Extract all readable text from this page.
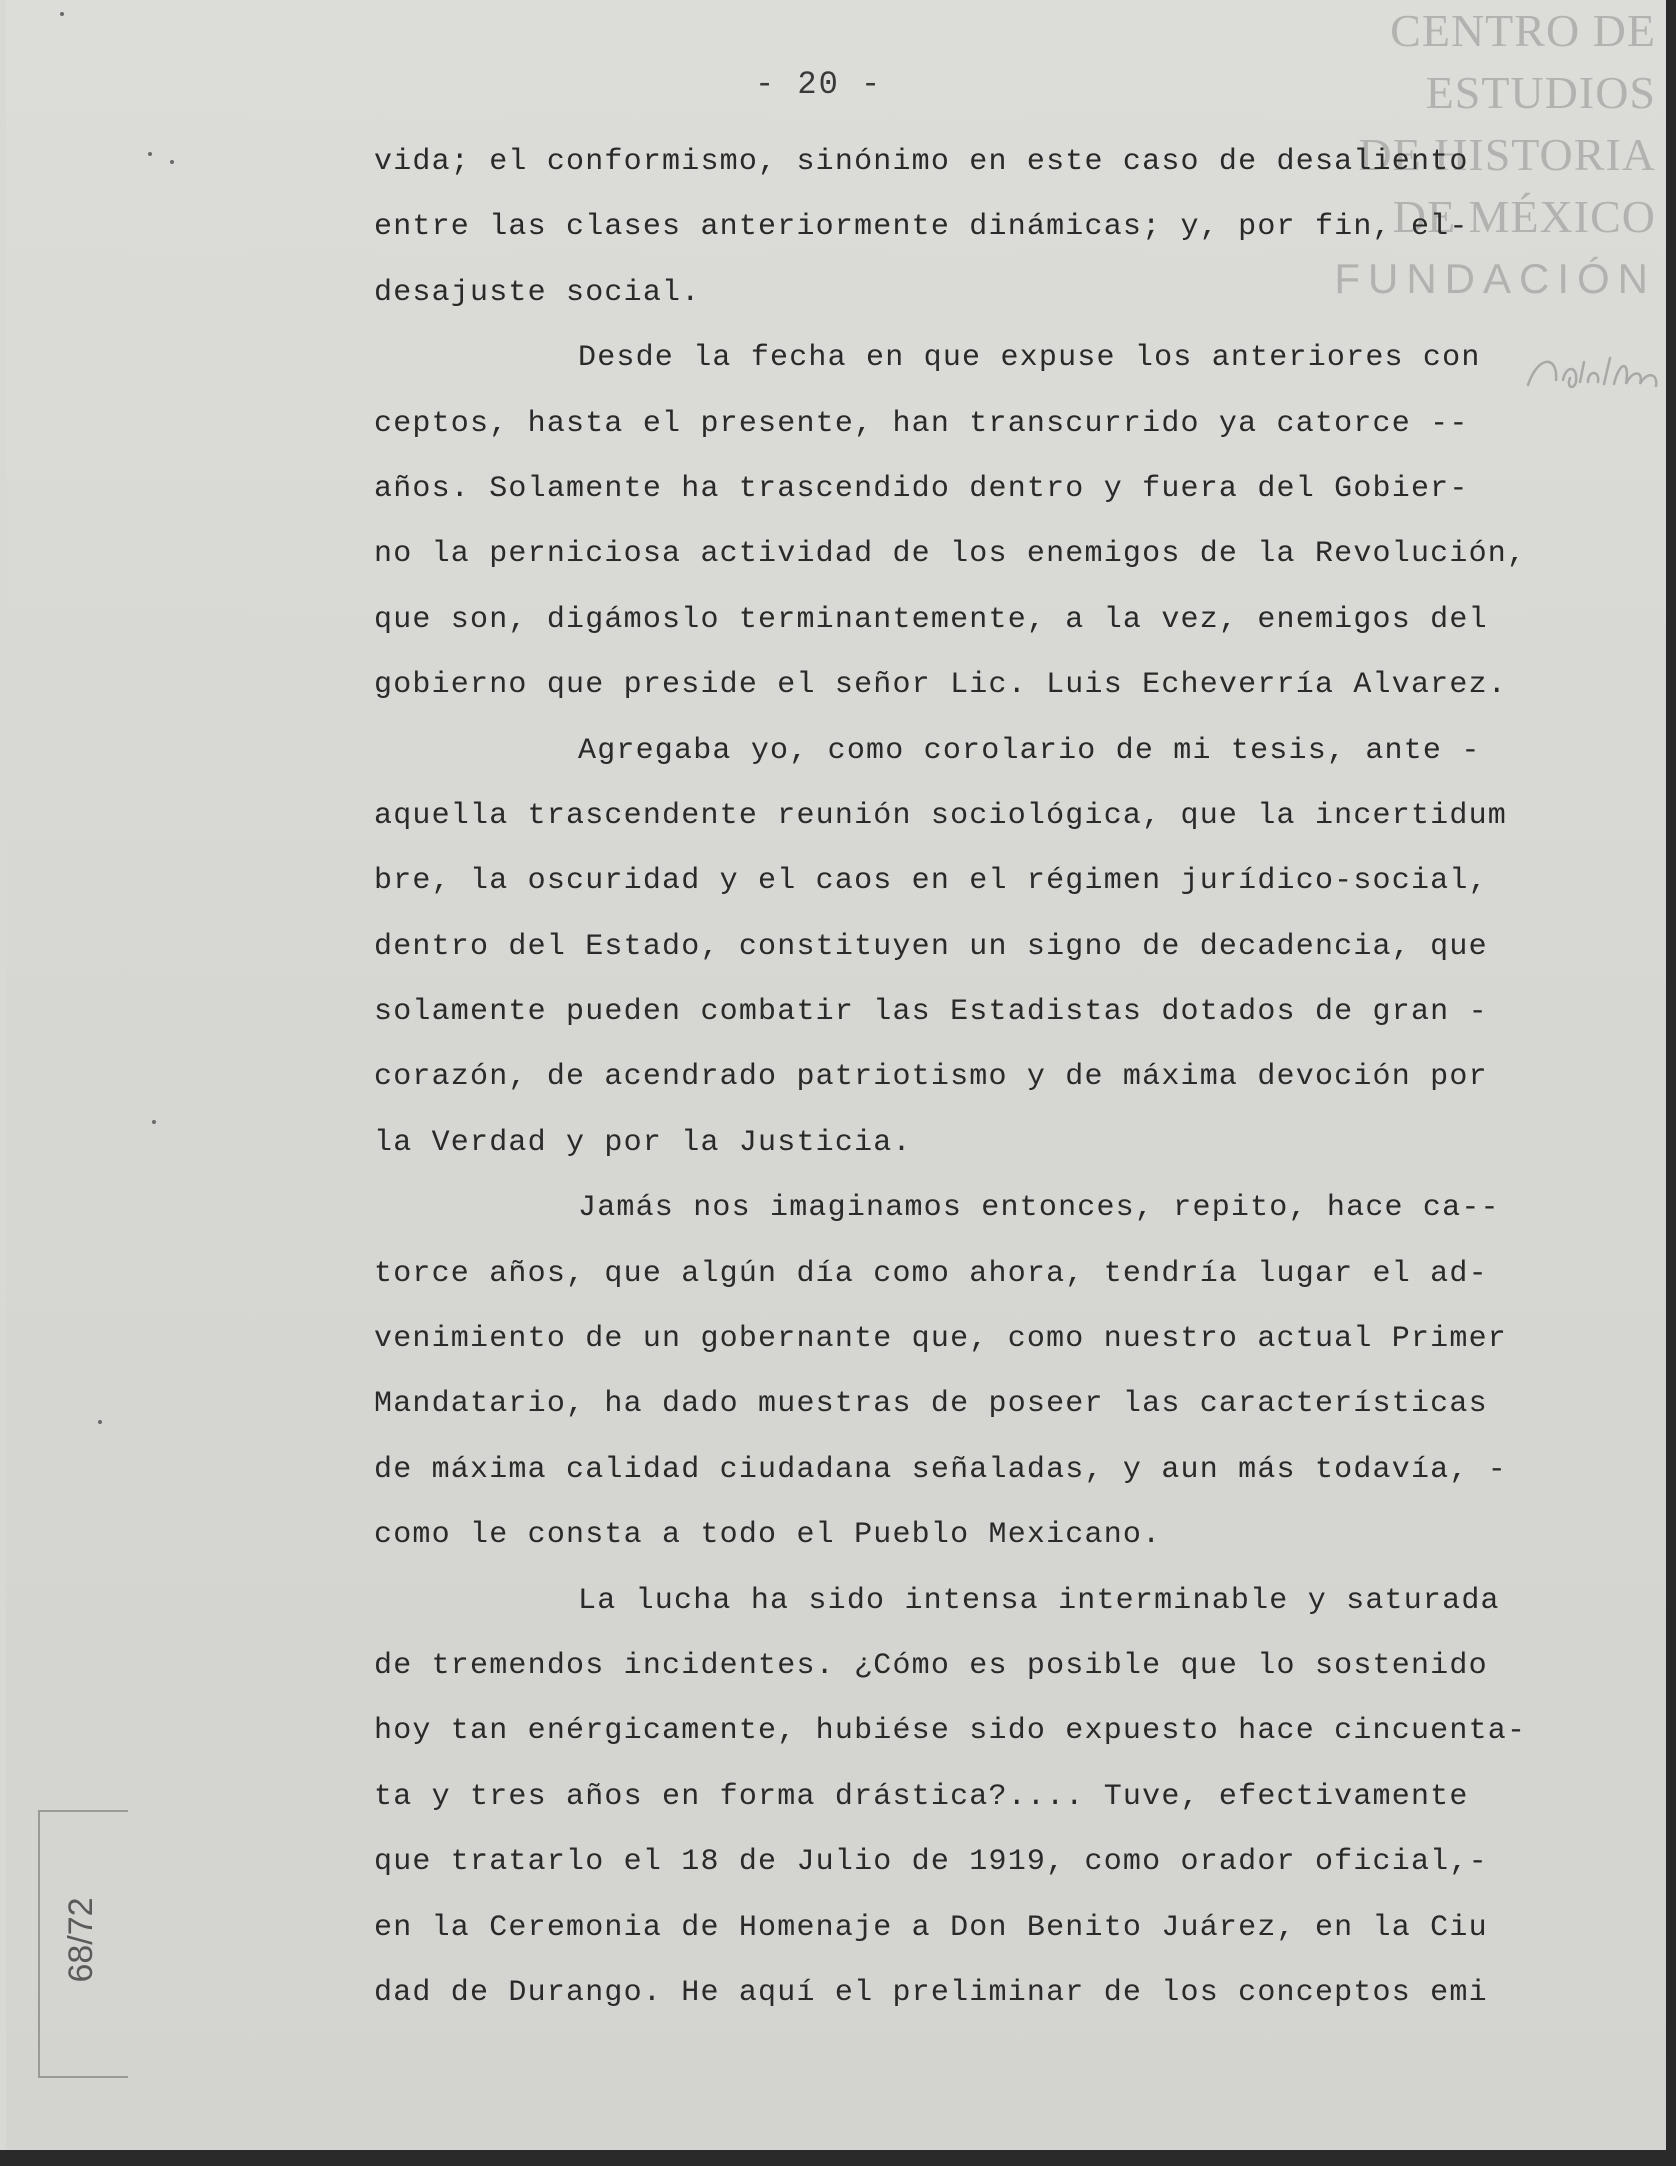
- 20 -
CENTRO DE
ESTUDIOS
DE HISTORIA
DE MÉXICO
FUNDACIÓN
vida; el conformismo, sinónimo en este caso de desaliento
entre las clases anteriormente dinámicas; y, por fin, el-
desajuste social.
Desde la fecha en que expuse los anteriores con
ceptos, hasta el presente, han transcurrido ya catorce --
años. Solamente ha trascendido dentro y fuera del Gobier-
no la perniciosa actividad de los enemigos de la Revolución,
que son, digámoslo terminantemente, a la vez, enemigos del
gobierno que preside el señor Lic. Luis Echeverría Alvarez.
Agregaba yo, como corolario de mi tesis, ante -
aquella trascendente reunión sociológica, que la incertidum
bre, la oscuridad y el caos en el régimen jurídico-social,
dentro del Estado, constituyen un signo de decadencia, que
solamente pueden combatir las Estadistas dotados de gran -
corazón, de acendrado patriotismo y de máxima devoción por
la Verdad y por la Justicia.
Jamás nos imaginamos entonces, repito, hace ca--
torce años, que algún día como ahora, tendría lugar el ad-
venimiento de un gobernante que, como nuestro actual Primer
Mandatario, ha dado muestras de poseer las características
de máxima calidad ciudadana señaladas, y aun más todavía, -
como le consta a todo el Pueblo Mexicano.
La lucha ha sido intensa interminable y saturada
de tremendos incidentes. ¿Cómo es posible que lo sostenido
hoy tan enérgicamente, hubiése sido expuesto hace cincuenta-
ta y tres años en forma drástica?.... Tuve, efectivamente
que tratarlo el 18 de Julio de 1919, como orador oficial,-
en la Ceremonia de Homenaje a Don Benito Juárez, en la Ciu
dad de Durango. He aquí el preliminar de los conceptos emi
68/72
